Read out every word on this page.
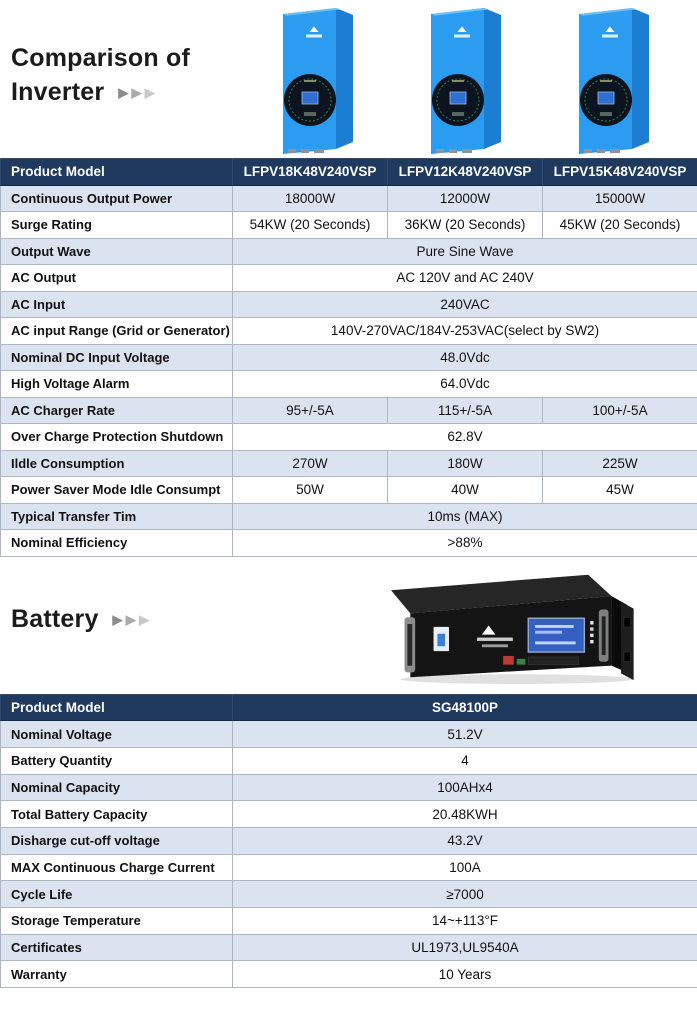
Comparison of
Inverter ▶ ▶ ▶
Product Model	LFPV18K48V240VSP	LFPV12K48V240VSP	LFPV15K48V240VSP
Continuous Output Power	18000W	12000W	15000W
Surge Rating	54KW (20 Seconds)	36KW (20 Seconds)	45KW (20 Seconds)
Output Wave	Pure Sine Wave		
AC Output	AC 120V and AC 240V		
AC Input	240VAC		
AC input Range (Grid or Generator)	140V-270VAC/184V-253VAC(select by SW2)		
Nominal DC Input Voltage	48.0Vdc		
High Voltage Alarm	64.0Vdc		
AC Charger Rate	95+/-5A	115+/-5A	100+/-5A
Over Charge Protection Shutdown	62.8V		
Ildle Consumption	270W	180W	225W
Power Saver Mode Idle Consumpt	50W	40W	45W
Typical Transfer Tim	10ms (MAX)		
Nominal Efficiency	>88%		
Battery ▶ ▶ ▶
Product Model	SG48100P
Nominal Voltage	51.2V
Battery Quantity	4
Nominal Capacity	100AHx4
Total Battery Capacity	20.48KWH
Disharge cut-off voltage	43.2V
MAX Continuous Charge Current	100A
Cycle Life	≥7000
Storage Temperature	14~+113°F
Certificates	UL1973,UL9540A
Warranty	10 Years
